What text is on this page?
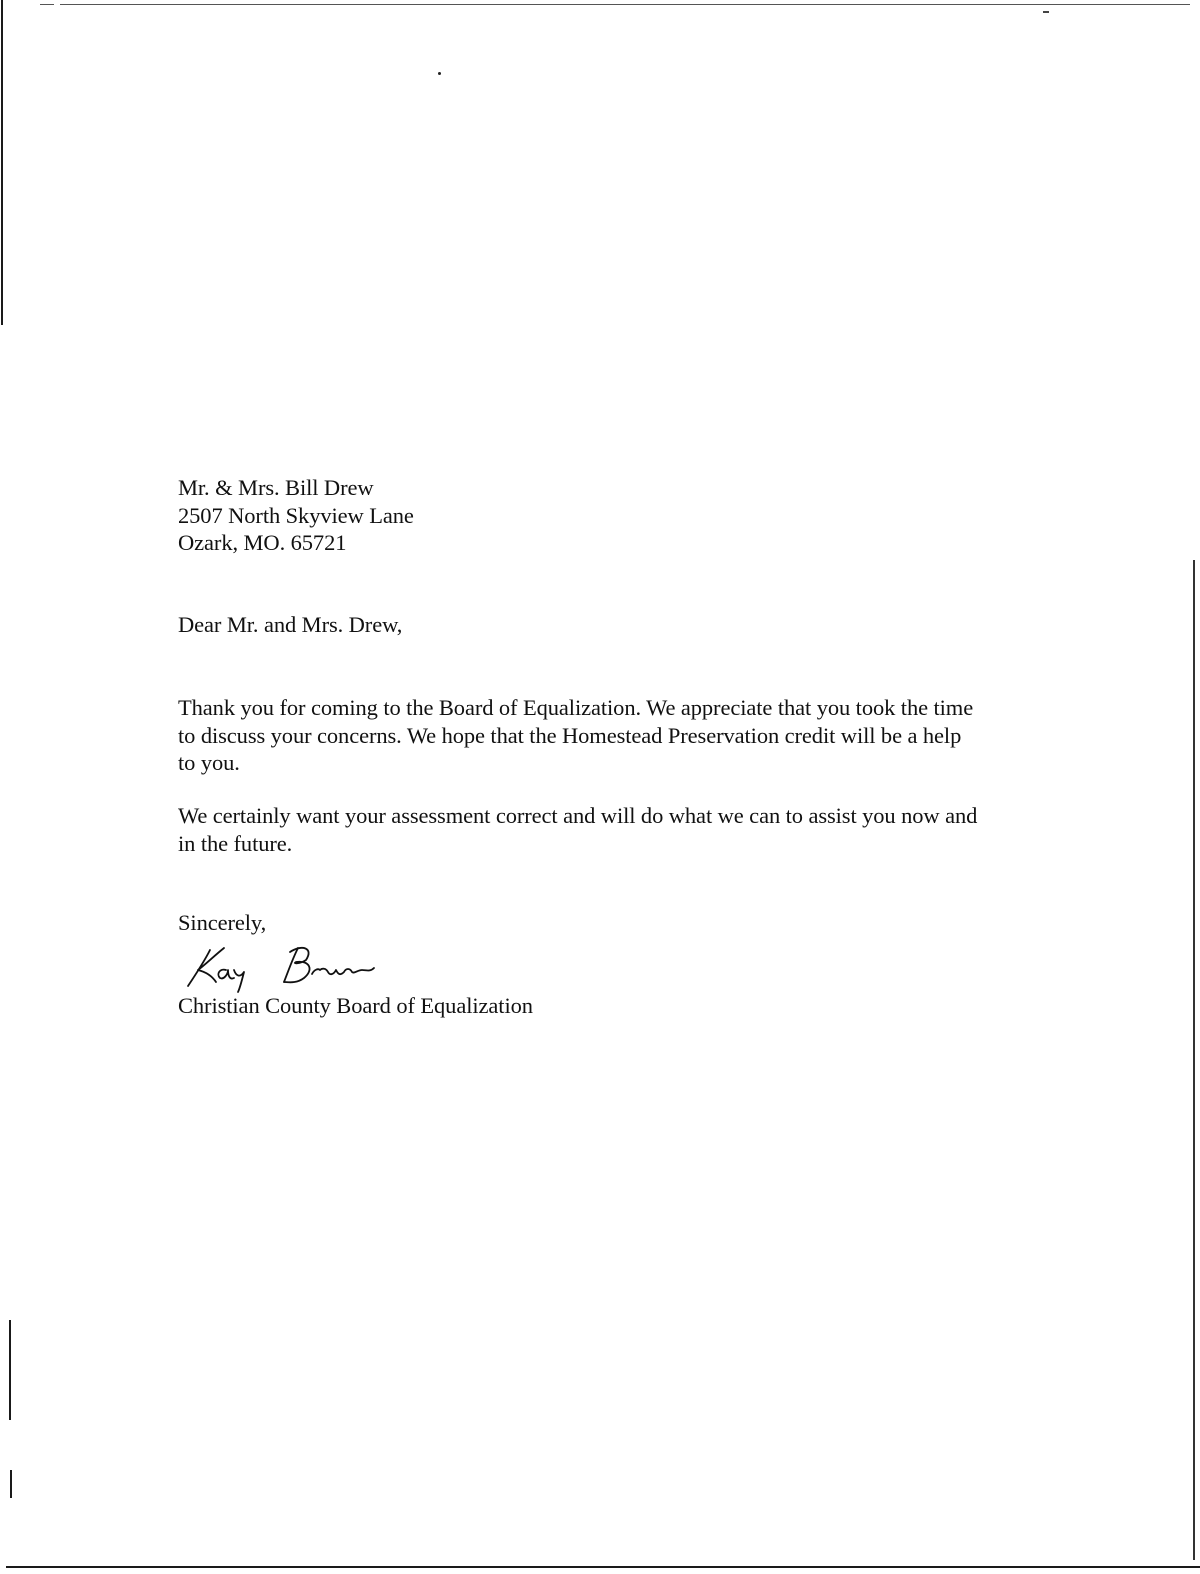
Mr. & Mrs. Bill Drew
2507 North Skyview Lane
Ozark, MO. 65721
Dear Mr. and Mrs. Drew,
Thank you for coming to the Board of Equalization. We appreciate that you took the time
to discuss your concerns. We hope that the Homestead Preservation credit will be a help
to you.
We certainly want your assessment correct and will do what we can to assist you now and
in the future.
Sincerely,
Christian County Board of Equalization
